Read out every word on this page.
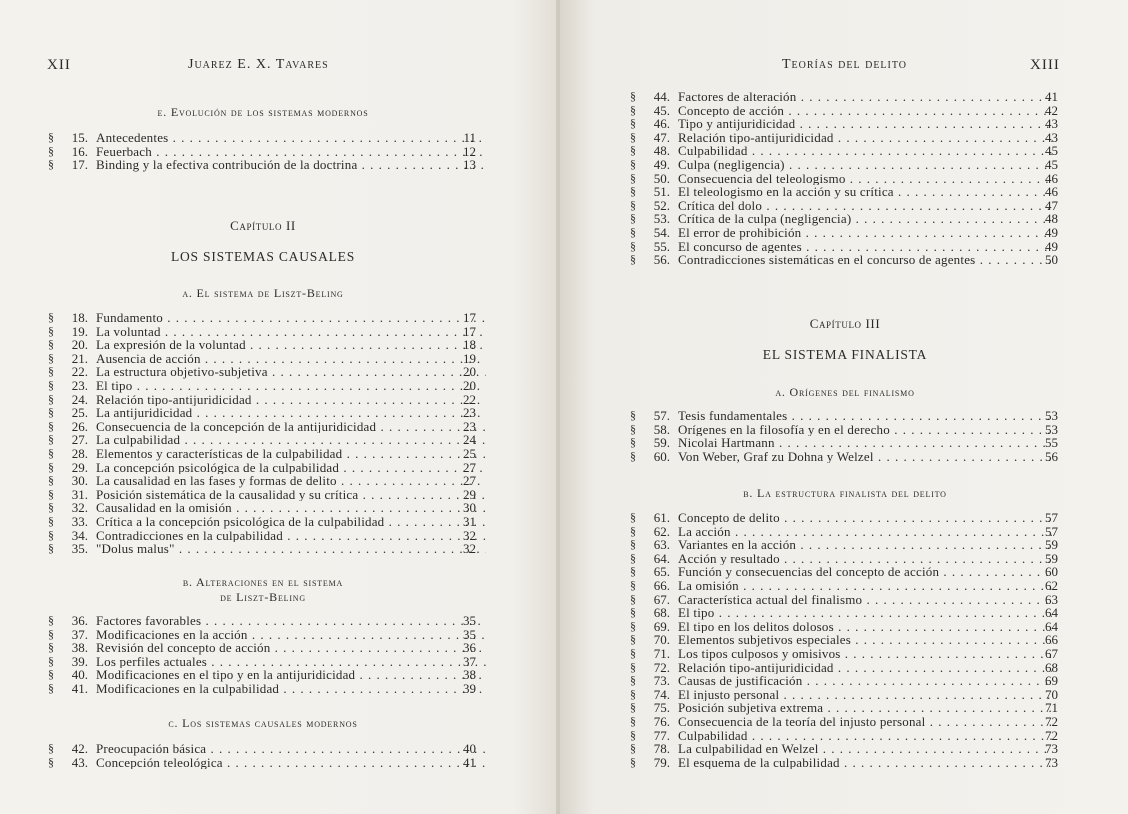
XII	Juarez E. X. Tavares
e. Evolución de los sistemas modernos
§	15. Antecedentes . . .	11
§	16. Feuerbach . . .	12
§	17. Binding y la efectiva contribución de la doctrina . . .	13
Capítulo II
LOS SISTEMAS CAUSALES
a. El sistema de Liszt-Beling
§	18. Fundamento . . .	17
§	19. La voluntad . . .	17
§	20. La expresión de la voluntad . . .	18
§	21. Ausencia de acción . . .	19
§	22. La estructura objetivo-subjetiva . . .	20
§	23. El tipo . . .	20
§	24. Relación tipo-antijuridicidad . . .	22
§	25. La antijuridicidad . . .	23
§	26. Consecuencia de la concepción de la antijuridicidad . . .	23
§	27. La culpabilidad . . .	24
§	28. Elementos y características de la culpabilidad . . .	25
§	29. La concepción psicológica de la culpabilidad . . .	27
§	30. La causalidad en las fases y formas de delito . . .	27
§	31. Posición sistemática de la causalidad y su crítica . . .	29
§	32. Causalidad en la omisión . . .	30
§	33. Crítica a la concepción psicológica de la culpabilidad . . .	31
§	34. Contradicciones en la culpabilidad . . .	32
§	35. "Dolus malus" . . .	32
b. Alteraciones en el sistema
de Liszt-Beling
§	36. Factores favorables . . .	35
§	37. Modificaciones en la acción . . .	35
§	38. Revisión del concepto de acción . . .	36
§	39. Los perfiles actuales . . .	37
§	40. Modificaciones en el tipo y en la antijuridicidad . . .	38
§	41. Modificaciones en la culpabilidad . . .	39
c. Los sistemas causales modernos
§	42. Preocupación básica . . .	40
§	43. Concepción teleológica . . .	41
Teorías del delito	XIII
§	44. Factores de alteración . . .	41
§	45. Concepto de acción . . .	42
§	46. Tipo y antijuridicidad . . .	43
§	47. Relación tipo-antijuridicidad . . .	43
§	48. Culpabilidad . . .	45
§	49. Culpa (negligencia) . . .	45
§	50. Consecuencia del teleologismo . . .	46
§	51. El teleologismo en la acción y su crítica . . .	46
§	52. Crítica del dolo . . .	47
§	53. Crítica de la culpa (negligencia) . . .	48
§	54. El error de prohibición . . .	49
§	55. El concurso de agentes . . .	49
§	56. Contradicciones sistemáticas en el concurso de agentes . . .	50
Capítulo III
EL SISTEMA FINALISTA
a. Orígenes del finalismo
§	57. Tesis fundamentales . . .	53
§	58. Orígenes en la filosofía y en el derecho . . .	53
§	59. Nicolai Hartmann . . .	55
§	60. Von Weber, Graf zu Dohna y Welzel . . .	56
b. La estructura finalista del delito
§	61. Concepto de delito . . .	57
§	62. La acción . . .	57
§	63. Variantes en la acción . . .	59
§	64. Acción y resultado . . .	59
§	65. Función y consecuencias del concepto de acción . . .	60
§	66. La omisión . . .	62
§	67. Característica actual del finalismo . . .	63
§	68. El tipo . . .	64
§	69. El tipo en los delitos dolosos . . .	64
§	70. Elementos subjetivos especiales . . .	66
§	71. Los tipos culposos y omisivos . . .	67
§	72. Relación tipo-antijuridicidad . . .	68
§	73. Causas de justificación . . .	69
§	74. El injusto personal . . .	70
§	75. Posición subjetiva extrema . . .	71
§	76. Consecuencia de la teoría del injusto personal . . .	72
§	77. Culpabilidad . . .	72
§	78. La culpabilidad en Welzel . . .	73
§	79. El esquema de la culpabilidad . . .	73
